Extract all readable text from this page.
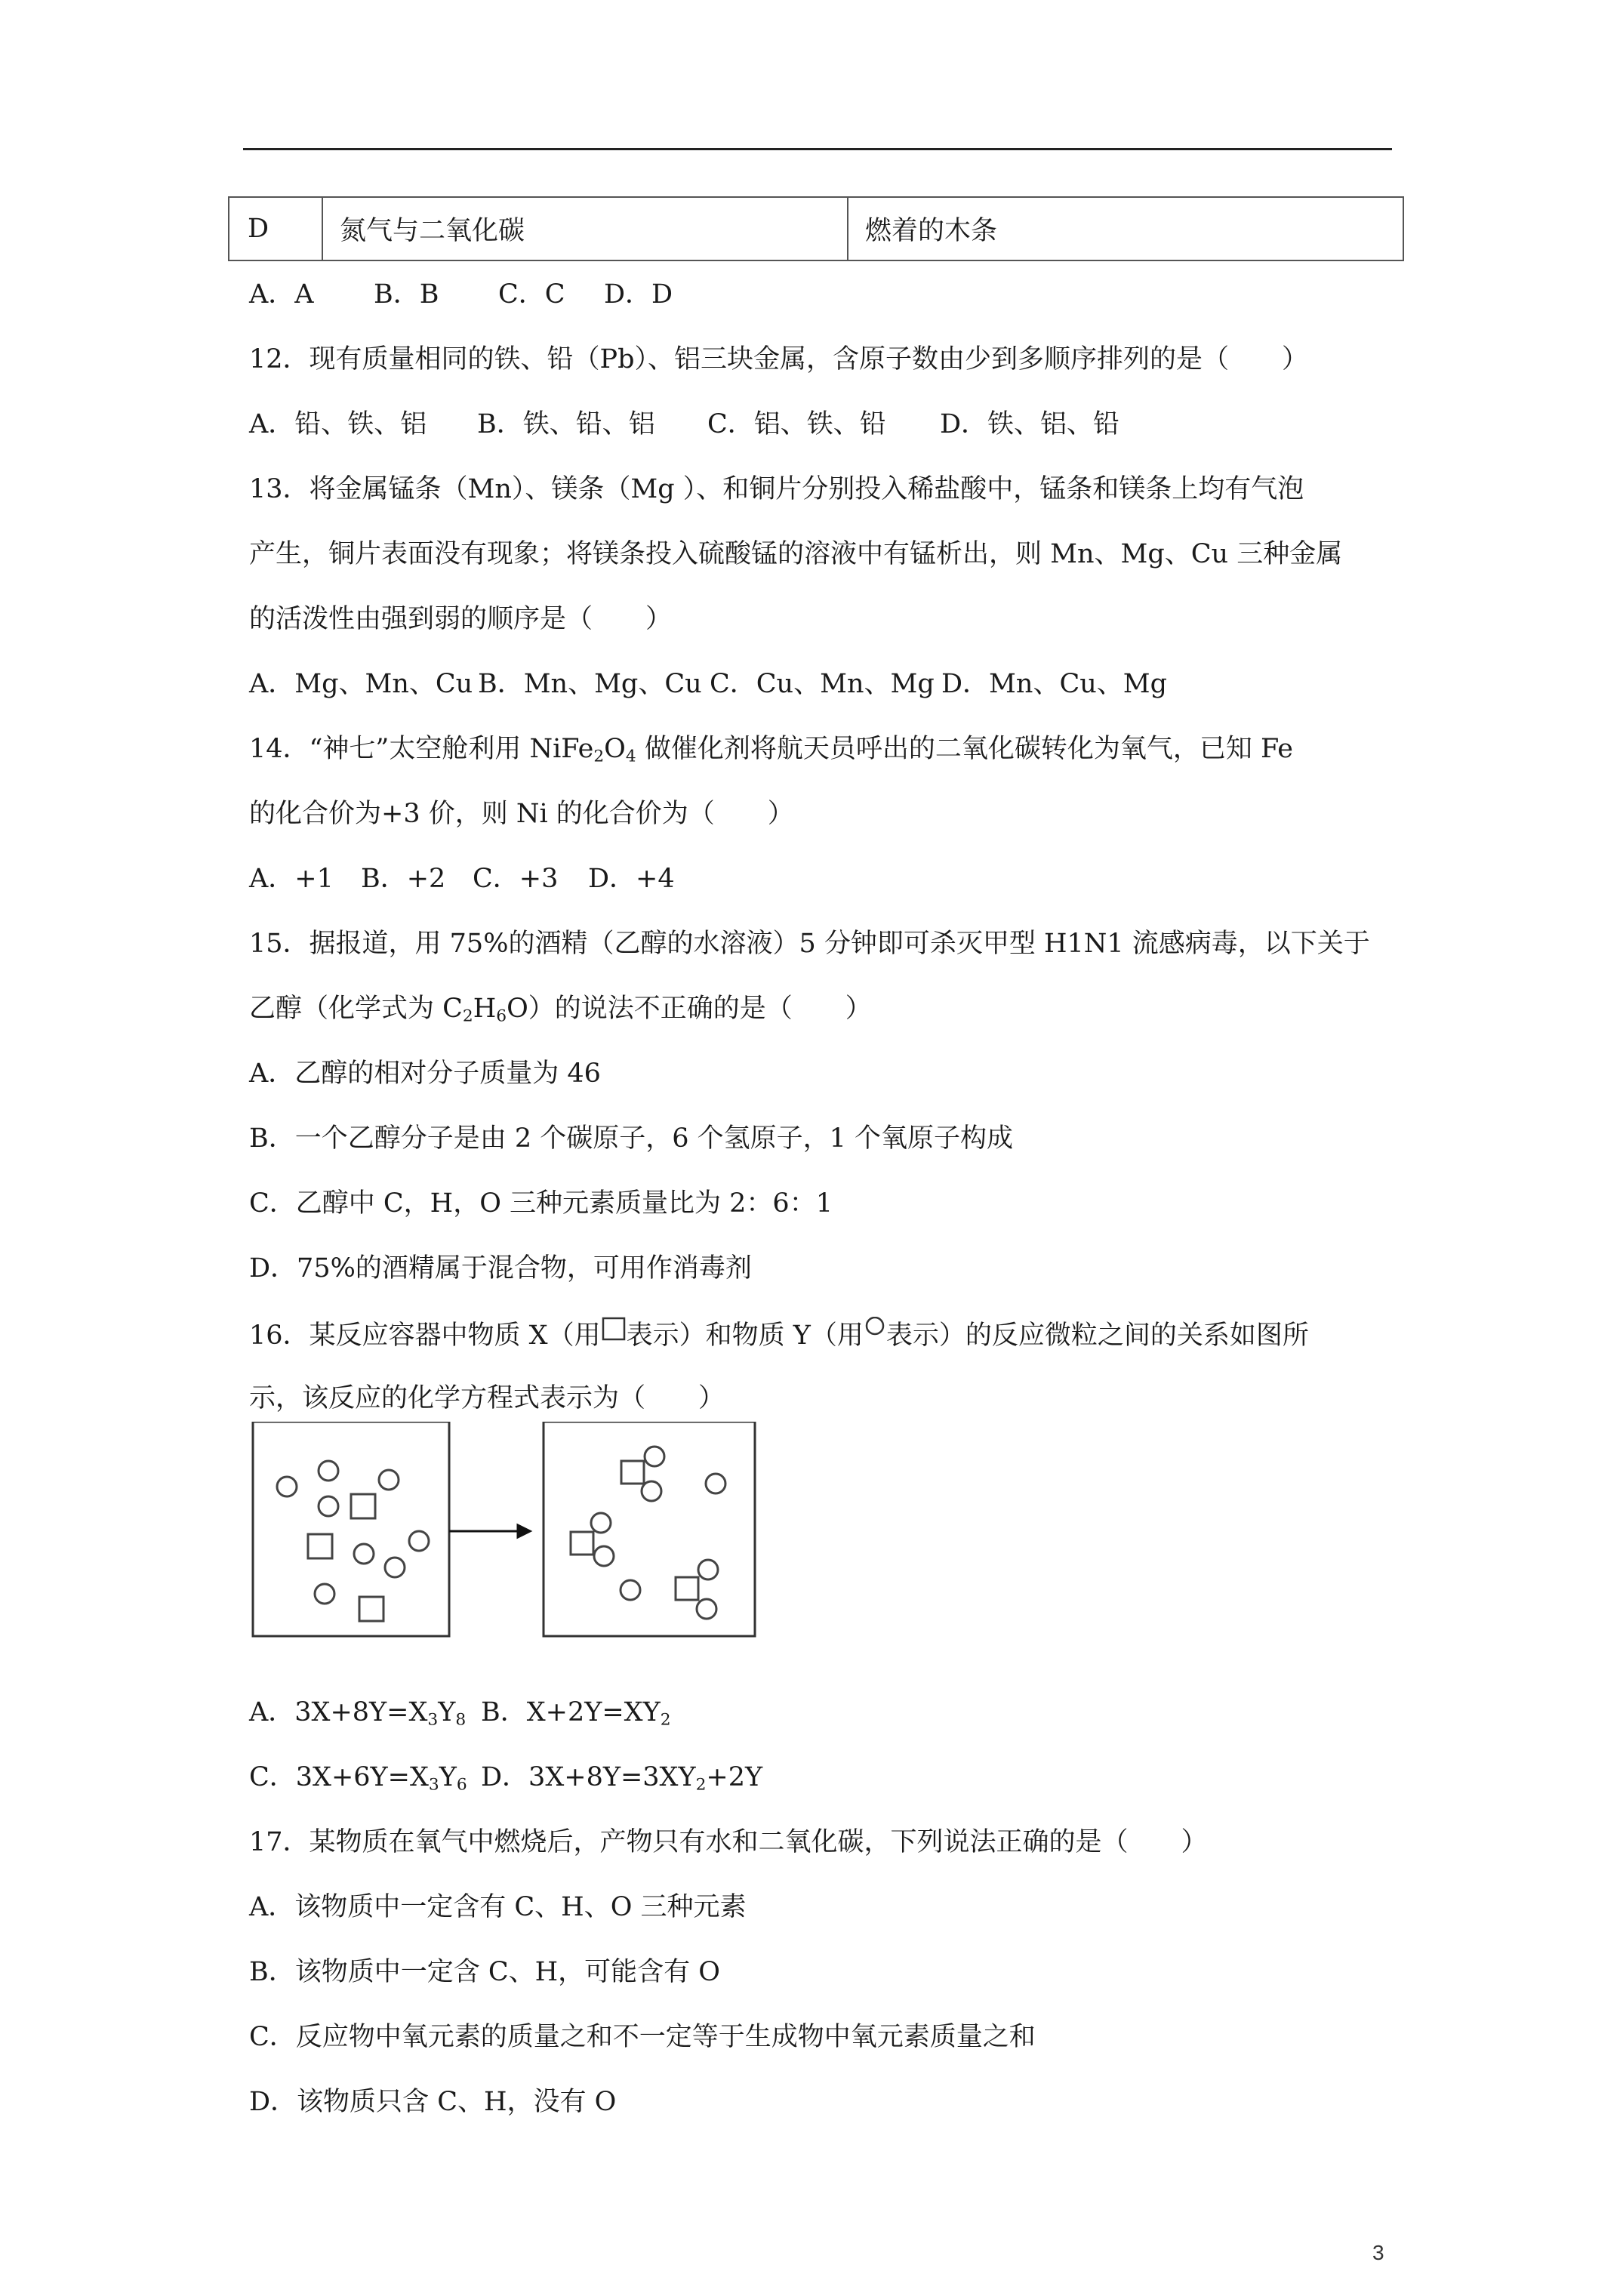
D	氮气与二氧化碳	燃着的木条
A．A B．B C．C D．D
12．现有质量相同的铁、铅（Pb）、铝三块金属，含原子数由少到多顺序排列的是（　　）
A．铅、铁、铝 B．铁、铅、铝 C．铝、铁、铅 D．铁、铝、铅
13．将金属锰条（Mn）、镁条（Mg ）、和铜片分别投入稀盐酸中，锰条和镁条上均有气泡
产生，铜片表面没有现象；将镁条投入硫酸锰的溶液中有锰析出，则 Mn、Mg、Cu 三种金属
的活泼性由强到弱的顺序是（　　）
A．Mg、Mn、Cu B．Mn、Mg、Cu C．Cu、Mn、Mg D．Mn、Cu、Mg
14．“神七”太空舱利用 $NiFe_2O_4$ 做催化剂将航天员呼出的二氧化碳转化为氧气，已知 Fe
的化合价为+3 价，则 Ni 的化合价为（　　）
A．+1 B．+2 C．+3 D．+4
15．据报道，用 75%的酒精（乙醇的水溶液）5 分钟即可杀灭甲型 H1N1 流感病毒，以下关于
乙醇（化学式为 $C_2H_6O$）的说法不正确的是（　　）
A．乙醇的相对分子质量为 46
B．一个乙醇分子是由 2 个碳原子，6 个氢原子，1 个氧原子构成
C．乙醇中 C，H，O 三种元素质量比为 2：6：1
D．75%的酒精属于混合物，可用作消毒剂
16．某反应容器中物质 X（用 表示）和物质 Y（用 表示）的反应微粒之间的关系如图所
示，该反应的化学方程式表示为（　　）
A．$3X+8Y=X_3Y_8$ B．$X+2Y=XY_2$
C．$3X+6Y=X_3Y_6$ D．$3X+8Y=3XY_2+2Y$
17．某物质在氧气中燃烧后，产物只有水和二氧化碳，下列说法正确的是（　　）
A．该物质中一定含有 C、H、O 三种元素
B．该物质中一定含 C、H，可能含有 O
C．反应物中氧元素的质量之和不一定等于生成物中氧元素质量之和
D．该物质只含 C、H，没有 O
3
